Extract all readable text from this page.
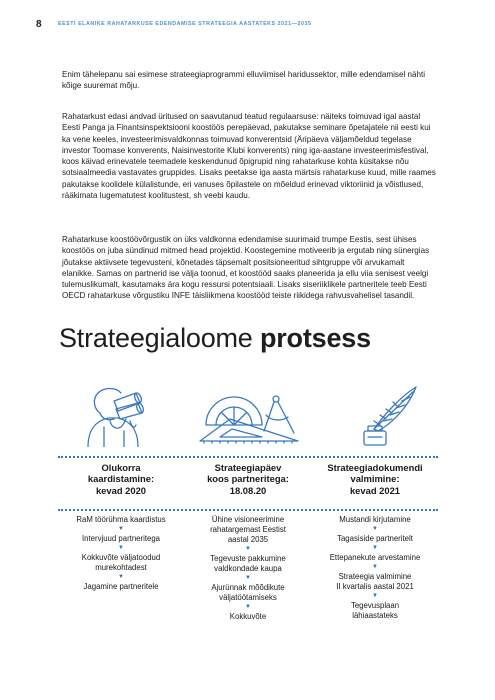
8	EESTI ELANIKE RAHATARKUSE EDENDAMISE STRATEEGIA AASTATEKS 2021—2035

Enim tähelepanu sai esimese strateegiaprogrammi elluviimisel haridussektor, mille edendamisel nähti kõige suuremat mõju.

Rahatarkust edasi andvad üritused on saavutanud teatud regulaarsuse: näiteks toimuvad igal aastal Eesti Panga ja Finantsinspektsiooni koostöös perepäevad, pakutakse seminare õpetajatele nii eesti kui ka vene keeles, investeerimisvaldkonnas toimuvad konverentsid (Äripäeva väljamõeldud tegelase investor Toomase konverents, Naisinvestorite Klubi konverents) ning iga-aastane investeerimisfestival, koos käivad erinevatele teemadele keskendunud õpigrupid ning rahatarkuse kohta küsitakse nõu sotsiaalmeedia vastavates gruppides. Lisaks peetakse iga aasta märtsis rahatarkuse kuud, mille raames pakutakse koolidele külalistunde, eri vanuses õpilastele on mõeldud erinevad viktoriinid ja võistlused, rääkimata lugematutest koolitustest, sh veebi kaudu.

Rahatarkuse koostöövõrgustik on üks valdkonna edendamise suurimaid trumpe Eestis, sest ühises koostöös on juba sündinud mitmed head projektid. Koostegemine motiveerib ja ergutab ning sünergias jõutakse aktiivsete tegevusteni, kõnetades täpsemalt positsioneeritud sihtgruppe või arvukamalt elanikke. Samas on partnerid ise välja toonud, et koostööd saaks planeerida ja ellu viia senisest veelgi tulemuslikumalt, kasutamaks ära kogu ressursi potentsiaali. Lisaks siseriiklikele partneritele teeb Eesti OECD rahatarkuse võrgustiku INFE täisliikmena koostööd teiste riikidega rahvusvahelisel tasandil.

Strateegialoome protsess
Olukorra
kaardistamine:
kevad 2020
Strateegiapäev
koos partneritega:
18.08.20
Strateegiadokumendi
valmimine:
kevad 2021
RaM töörühma kaardistus
▼
Intervjuud partneritega
▼
Kokkuvõte väljatoodud
murekohtadest
▼
Jagamine partneritele
Ühine visioneerimine
rahatargemast Eestist
aastal 2035
▼
Tegevuste pakkumine
valdkondade kaupa
▼
Ajurünnak mõõdikute
väljatöötamiseks
▼
Kokkuvõte
Mustandi kirjutamine
▼
Tagasiside partneritelt
▼
Ettepanekute arvestamine
▼
Strateegia valmimine
II kvartalis aastal 2021
▼
Tegevusplaan
lähiaastateks
